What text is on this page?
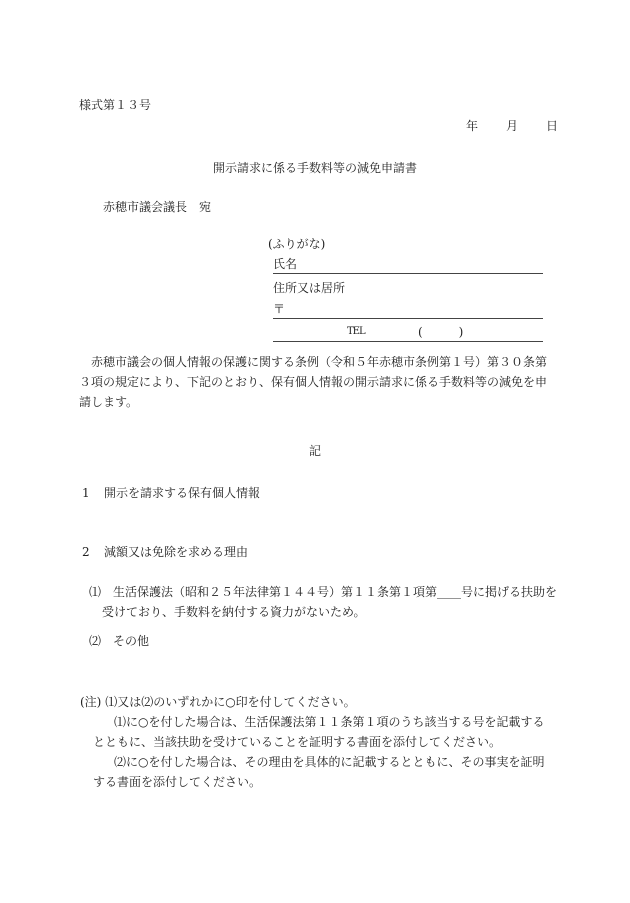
様式第１３号
年 月 日
開示請求に係る手数料等の減免申請書
赤穂市議会議長　宛
(ふりがな)
氏名
住所又は居所
〒
TEL	(　　　)

赤穂市議会の個人情報の保護に関する条例（令和５年赤穂市条例第１号）第３０条第３項の規定により、下記のとおり、保有個人情報の開示請求に係る手数料等の減免を申請します。
記
1 開示を請求する保有個人情報
2 減額又は免除を求める理由
⑴　 生活保護法（昭和２５年法律第１４４号）第１１条第１項第____号に掲げる扶助を受けており、手数料を納付する資力がないため。
⑵　 その他
(注) ⑴又は⑵のいずれかに○印を付してください。
⑴に○を付した場合は、生活保護法第１１条第１項のうち該当する号を記載するとともに、当該扶助を受けていることを証明する書面を添付してください。
⑵に○を付した場合は、その理由を具体的に記載するとともに、その事実を証明する書面を添付してください。
